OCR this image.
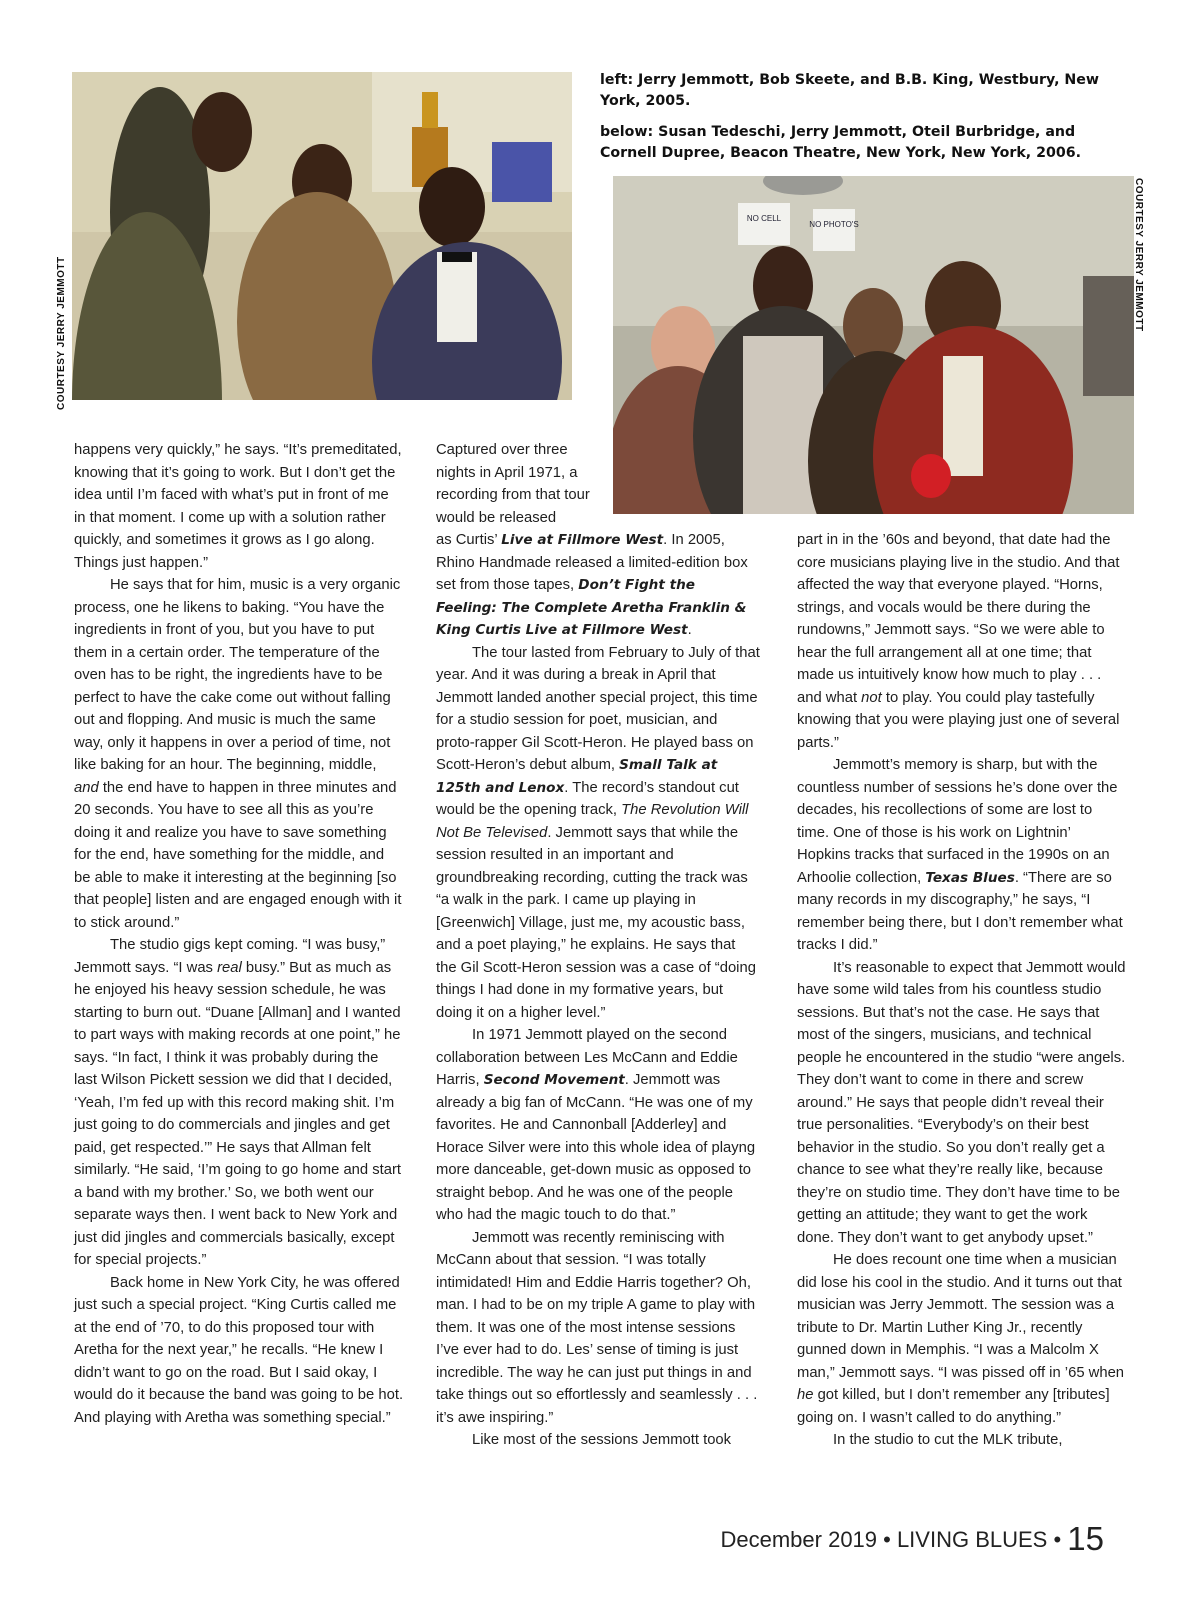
COURTESY JERRY JEMMOTT

left: Jerry Jemmott, Bob Skeete, and B.B. King, Westbury, New York, 2005.

below: Susan Tedeschi, Jerry Jemmott, Oteil Burbridge, and Cornell Dupree, Beacon Theatre, New York, New York, 2006.

NO CELL
NO PHOTO'S	COURTESY JERRY JEMMOTT

happens very quickly,” he says. “It’s premeditated, knowing that it’s going to work. But I don’t get the idea until I’m faced with what’s put in front of me in that moment. I come up with a solution rather quickly, and sometimes it grows as I go along. Things just happen.”

He says that for him, music is a very organic process, one he likens to baking. “You have the ingredients in front of you, but you have to put them in a certain order. The temperature of the oven has to be right, the ingredients have to be perfect to have the cake come out without falling out and flopping. And music is much the same way, only it happens in over a period of time, not like baking for an hour. The beginning, middle, and the end have to happen in three minutes and 20 seconds. You have to see all this as you’re doing it and realize you have to save something for the end, have something for the middle, and be able to make it interesting at the beginning [so that people] listen and are engaged enough with it to stick around.”

The studio gigs kept coming. “I was busy,” Jemmott says. “I was real busy.” But as much as he enjoyed his heavy session schedule, he was starting to burn out. “Duane [Allman] and I wanted to part ways with making records at one point,” he says. “In fact, I think it was probably during the last Wilson Pickett session we did that I decided, ‘Yeah, I’m fed up with this record making shit. I’m just going to do commercials and jingles and get paid, get respected.’” He says that Allman felt similarly. “He said, ‘I’m going to go home and start a band with my brother.’ So, we both went our separate ways then. I went back to New York and just did jingles and commercials basically, except for special projects.”

Back home in New York City, he was offered just such a special project. “King Curtis called me at the end of ’70, to do this proposed tour with Aretha for the next year,” he recalls. “He knew I didn’t want to go on the road. But I said okay, I would do it because the band was going to be hot. And playing with Aretha was something special.”

Captured over three nights in April 1971, a recording from that tour would be released
as Curtis’ Live at Fillmore West. In 2005, Rhino Handmade released a limited-edition box set from those tapes, Don’t Fight the Feeling: The Complete Aretha Franklin & King Curtis Live at Fillmore West.

The tour lasted from February to July of that year. And it was during a break in April that Jemmott landed another special project, this time for a studio session for poet, musician, and proto-rapper Gil Scott-Heron. He played bass on Scott-Heron’s debut album, Small Talk at 125th and Lenox. The record’s standout cut would be the opening track, The Revolution Will Not Be Televised. Jemmott says that while the session resulted in an important and groundbreaking recording, cutting the track was “a walk in the park. I came up playing in [Greenwich] Village, just me, my acoustic bass, and a poet playing,” he explains. He says that the Gil Scott-Heron session was a case of “doing things I had done in my formative years, but doing it on a higher level.”

In 1971 Jemmott played on the second collaboration between Les McCann and Eddie Harris, Second Movement. Jemmott was already a big fan of McCann. “He was one of my favorites. He and Cannonball [Adderley] and Horace Silver were into this whole idea of playng more danceable, get-down music as opposed to straight bebop. And he was one of the people who had the magic touch to do that.”

Jemmott was recently reminiscing with McCann about that session. “I was totally intimidated! Him and Eddie Harris together? Oh, man. I had to be on my triple A game to play with them. It was one of the most intense sessions I’ve ever had to do. Les’ sense of timing is just incredible. The way he can just put things in and take things out so effortlessly and seamlessly . . . it’s awe inspiring.”

Like most of the sessions Jemmott took

part in in the ’60s and beyond, that date had the core musicians playing live in the studio. And that affected the way that everyone played. “Horns, strings, and vocals would be there during the rundowns,” Jemmott says. “So we were able to hear the full arrangement all at one time; that made us intuitively know how much to play . . . and what not to play. You could play tastefully knowing that you were playing just one of several parts.”

Jemmott’s memory is sharp, but with the countless number of sessions he’s done over the decades, his recollections of some are lost to time. One of those is his work on Lightnin’ Hopkins tracks that surfaced in the 1990s on an Arhoolie collection, Texas Blues. “There are so many records in my discography,” he says, “I remember being there, but I don’t remember what tracks I did.”

It’s reasonable to expect that Jemmott would have some wild tales from his countless studio sessions. But that’s not the case. He says that most of the singers, musicians, and technical people he encountered in the studio “were angels. They don’t want to come in there and screw around.” He says that people didn’t reveal their true personalities. “Everybody’s on their best behavior in the studio. So you don’t really get a chance to see what they’re really like, because they’re on studio time. They don’t have time to be getting an attitude; they want to get the work done. They don’t want to get anybody upset.”

He does recount one time when a musician did lose his cool in the studio. And it turns out that musician was Jerry Jemmott. The session was a tribute to Dr. Martin Luther King Jr., recently gunned down in Memphis. “I was a Malcolm X man,” Jemmott says. “I was pissed off in ’65 when he got killed, but I don’t remember any [tributes] going on. I wasn’t called to do anything.”

In the studio to cut the MLK tribute,

December 2019 • LIVING BLUES • 15
